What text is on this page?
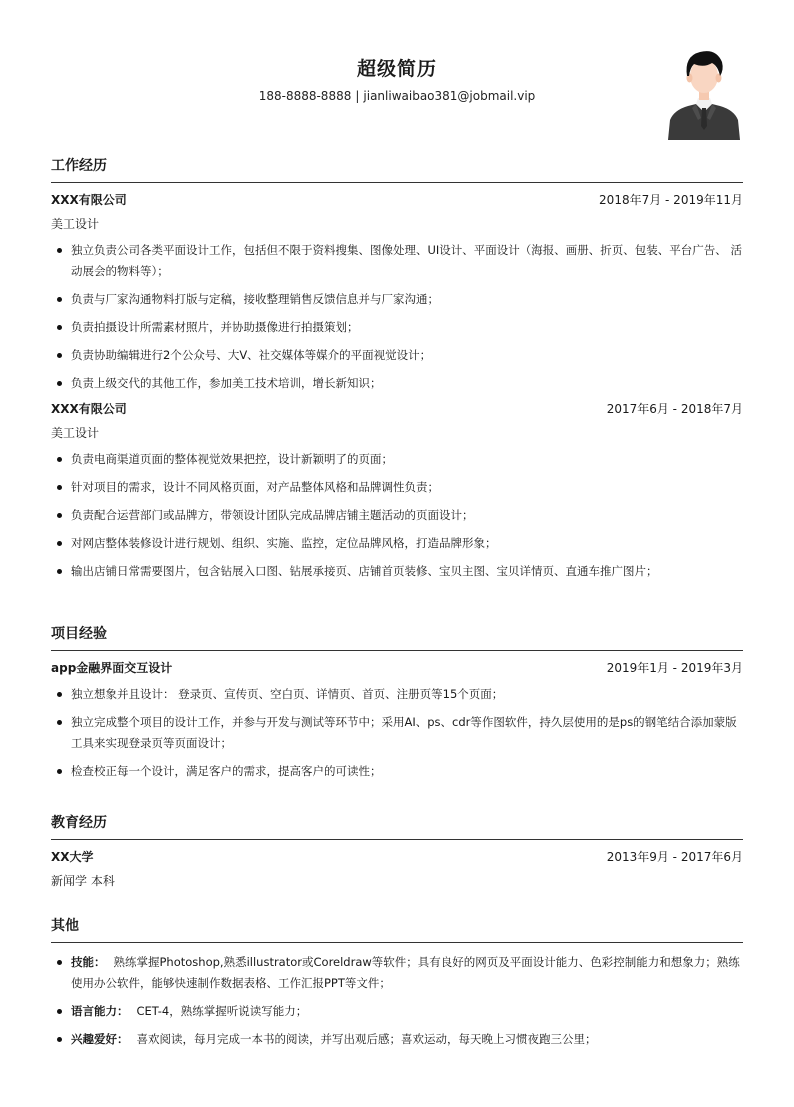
超级简历
188-8888-8888 | jianliwaibao381@jobmail.vip
工作经历
XXX有限公司	2018年7月 - 2019年11月
美工设计
独立负责公司各类平面设计工作，包括但不限于资料搜集、图像处理、UI设计、平面设计（海报、画册、折页、包装、平台广告、 活动展会的物料等）；
负责与厂家沟通物料打版与定稿，接收整理销售反馈信息并与厂家沟通；
负责拍摄设计所需素材照片，并协助摄像进行拍摄策划；
负责协助编辑进行2个公众号、大V、社交媒体等媒介的平面视觉设计；
负责上级交代的其他工作，参加美工技术培训，增长新知识；
XXX有限公司	2017年6月 - 2018年7月
美工设计
负责电商渠道页面的整体视觉效果把控，设计新颖明了的页面；
针对项目的需求，设计不同风格页面，对产品整体风格和品牌调性负责；
负责配合运营部门或品牌方，带领设计团队完成品牌店铺主题活动的页面设计；
对网店整体装修设计进行规划、组织、实施、监控，定位品牌风格，打造品牌形象；
输出店铺日常需要图片，包含钻展入口图、钻展承接页、店铺首页装修、宝贝主图、宝贝详情页、直通车推广图片；
项目经验
app金融界面交互设计	2019年1月 - 2019年3月
独立想象并且设计： 登录页、宣传页、空白页、详情页、首页、注册页等15个页面；
独立完成整个项目的设计工作，并参与开发与测试等环节中；采用AI、ps、cdr等作图软件，持久层使用的是ps的钢笔结合添加蒙版工具来实现登录页等页面设计；
检查校正每一个设计，满足客户的需求，提高客户的可读性；
教育经历
XX大学	2013年9月 - 2017年6月
新闻学 本科
其他
技能： 熟练掌握Photoshop,熟悉illustrator或Coreldraw等软件；具有良好的网页及平面设计能力、色彩控制能力和想象力；熟练使用办公软件，能够快速制作数据表格、工作汇报PPT等文件；
语言能力： CET-4，熟练掌握听说读写能力；
兴趣爱好： 喜欢阅读，每月完成一本书的阅读，并写出观后感；喜欢运动，每天晚上习惯夜跑三公里；
